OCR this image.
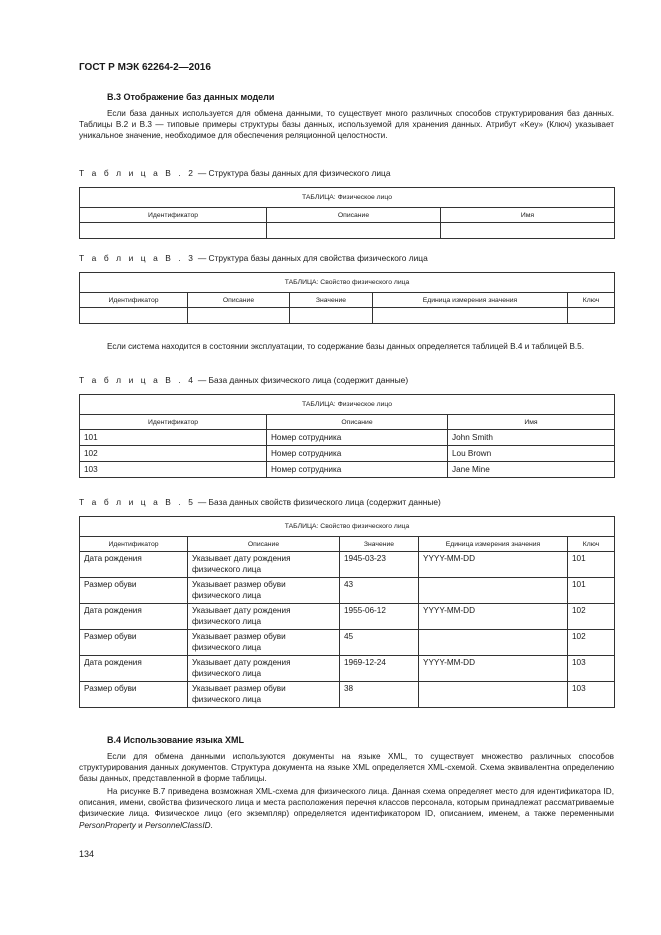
ГОСТ Р МЭК 62264-2—2016
В.3 Отображение баз данных модели

Если база данных используется для обмена данными, то существует много различных способов структурирования баз данных. Таблицы В.2 и В.3 — типовые примеры структуры базы данных, используемой для хранения данных. Атрибут «Key» (Ключ) указывает уникальное значение, необходимое для обеспечения реляционной целостности.

Т а б л и ц а В . 2 — Структура базы данных для физического лица
ТАБЛИЦА: Физическое лицо		
Идентификатор	Описание	Имя

Т а б л и ц а В . 3 — Структура базы данных для свойства физического лица
ТАБЛИЦА: Свойство физического лица				
Идентификатор	Описание	Значение	Единица измерения значения	Ключ

Если система находится в состоянии эксплуатации, то содержание базы данных определяется таблицей В.4 и таблицей В.5.

Т а б л и ц а В . 4 — База данных физического лица (содержит данные)
ТАБЛИЦА: Физическое лицо		
Идентификатор	Описание	Имя
101	Номер сотрудника	John Smith
102	Номер сотрудника	Lou Brown
103	Номер сотрудника	Jane Mine
Т а б л и ц а В . 5 — База данных свойств физического лица (содержит данные)
ТАБЛИЦА: Свойство физического лица				
Идентификатор	Описание	Значение	Единица измерения значения	Ключ
Дата рождения	Указывает дату рождения физического лица	1945-03-23	YYYY-MM-DD	101
Размер обуви	Указывает размер обуви физического лица	43		101
Дата рождения	Указывает дату рождения физического лица	1955-06-12	YYYY-MM-DD	102
Размер обуви	Указывает размер обуви физического лица	45		102
Дата рождения	Указывает дату рождения физического лица	1969-12-24	YYYY-MM-DD	103
Размер обуви	Указывает размер обуви физического лица	38		103
В.4 Использование языка XML

Если для обмена данными используются документы на языке XML, то существует множество различных способов структурирования данных документов. Структура документа на языке XML определяется XML-схемой. Схема эквивалентна определению базы данных, представленной в форме таблицы.

На рисунке В.7 приведена возможная XML-схема для физического лица. Данная схема определяет место для идентификатора ID, описания, имени, свойства физического лица и места расположения перечня классов персонала, которым принадлежат рассматриваемые физические лица. Физическое лицо (его экземпляр) определяется идентификатором ID, описанием, именем, а также переменными PersonProperty и PersonnelClassID.

134
